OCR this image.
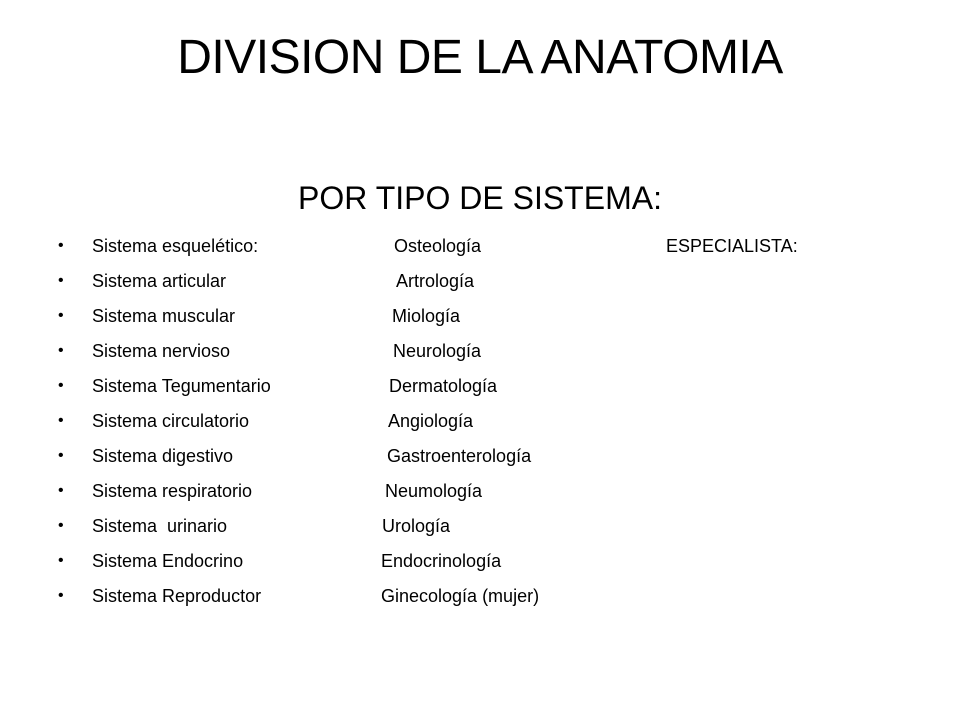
DIVISION DE LA ANATOMIA
POR TIPO DE SISTEMA:
• Sistema esquelético:	Osteología	ESPECIALISTA:
• Sistema articular	Artrología
• Sistema muscular	Miología
• Sistema nervioso	Neurología
• Sistema Tegumentario	Dermatología
• Sistema circulatorio	Angiología
• Sistema digestivo	Gastroenterología
• Sistema respiratorio	Neumología
• Sistema  urinario	Urología
• Sistema Endocrino	Endocrinología
• Sistema Reproductor	Ginecología (mujer)
